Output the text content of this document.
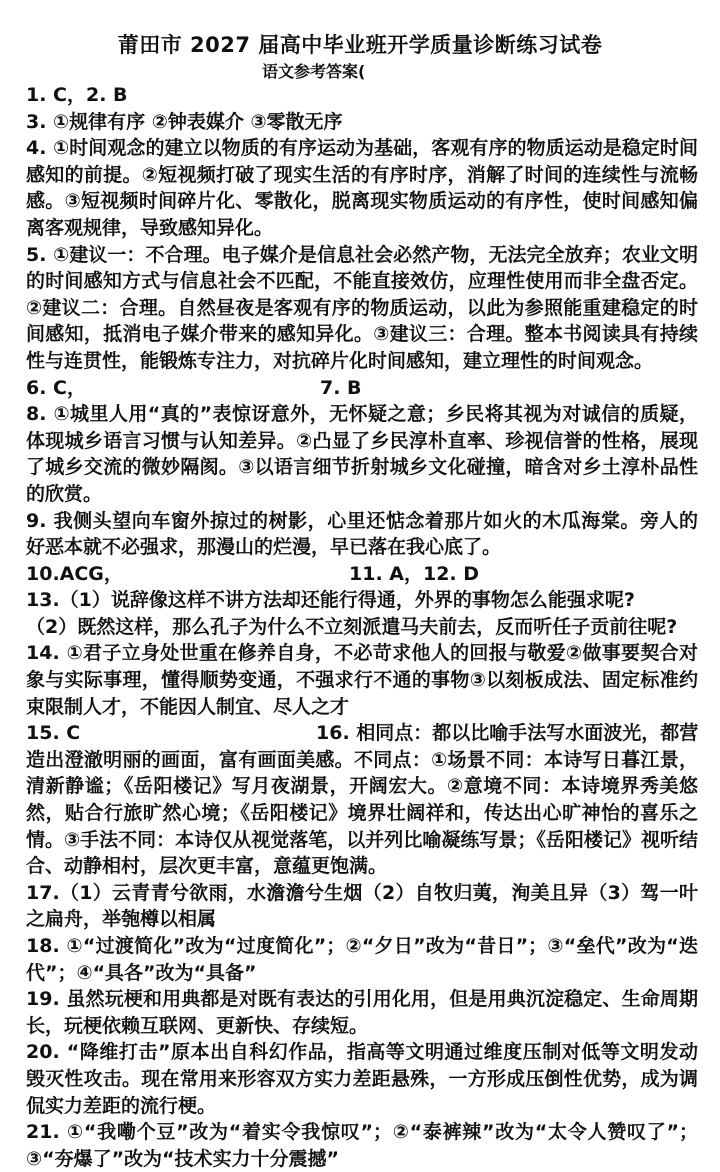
莆田市 2027 届高中毕业班开学质量诊断练习试卷
语文参考答案(

1. C，2. B

3. ①规律有序 ②钟表媒介 ③零散无序

4. ①时间观念的建立以物质的有序运动为基础，客观有序的物质运动是稳定时间感知的前提。②短视频打破了现实生活的有序时序，消解了时间的连续性与流畅感。③短视频时间碎片化、零散化，脱离现实物质运动的有序性，使时间感知偏离客观规律，导致感知异化。

5. ①建议一：不合理。电子媒介是信息社会必然产物，无法完全放弃；农业文明的时间感知方式与信息社会不匹配，不能直接效仿，应理性使用而非全盘否定。②建议二：合理。自然昼夜是客观有序的物质运动，以此为参照能重建稳定的时间感知，抵消电子媒介带来的感知异化。③建议三：合理。整本书阅读具有持续性与连贯性，能锻炼专注力，对抗碎片化时间感知，建立理性的时间观念。

6. C，	7. B

8. ①城里人用“真的”表惊讶意外，无怀疑之意；乡民将其视为对诚信的质疑，体现城乡语言习惯与认知差异。②凸显了乡民淳朴直率、珍视信誉的性格，展现了城乡交流的微妙隔阂。③以语言细节折射城乡文化碰撞，暗含对乡土淳朴品性的欣赏。

9. 我侧头望向车窗外掠过的树影，心里还惦念着那片如火的木瓜海棠。旁人的好恶本就不必强求，那漫山的烂漫，早已落在我心底了。

10.ACG，	11. A，12. D

13.（1）说辞像这样不讲方法却还能行得通，外界的事物怎么能强求呢?

（2）既然这样，那么孔子为什么不立刻派遣马夫前去，反而听任子贡前往呢?

14. ①君子立身处世重在修养自身，不必苛求他人的回报与敬爱②做事要契合对象与实际事理，懂得顺势变通，不强求行不通的事物③以刻板成法、固定标准约束限制人才，不能因人制宜、尽人之才

15. C	16. 相同点：都以比喻手法写水面波光，都营

造出澄澈明丽的画面，富有画面美感。不同点：①场景不同：本诗写日暮江景，清新静谧；《岳阳楼记》写月夜湖景，开阔宏大。②意境不同：本诗境界秀美悠然，贴合行旅旷然心境；《岳阳楼记》境界壮阔祥和，传达出心旷神怡的喜乐之情。③手法不同：本诗仅从视觉落笔，以并列比喻凝练写景；《岳阳楼记》视听结合、动静相村，层次更丰富，意蕴更饱满。

17.（1）云青青兮欲雨，水澹澹兮生烟（2）自牧归荑，洵美且异（3）驾一叶之扁舟，举匏樽以相属

18. ①“过渡简化”改为“过度简化”；②“夕日”改为“昔日”；③“垒代”改为“迭代”；④“具各”改为“具备”

19. 虽然玩梗和用典都是对既有表达的引用化用，但是用典沉淀稳定、生命周期长，玩梗依赖互联网、更新快、存续短。

20. “降维打击”原本出自科幻作品，指高等文明通过维度压制对低等文明发动毁灭性攻击。现在常用来形容双方实力差距悬殊，一方形成压倒性优势，成为调侃实力差距的流行梗。

21. ①“我嘞个豆”改为“着实令我惊叹”；②“泰裤辣”改为“太令人赞叹了”；③“夯爆了”改为“技术实力十分震撼”
